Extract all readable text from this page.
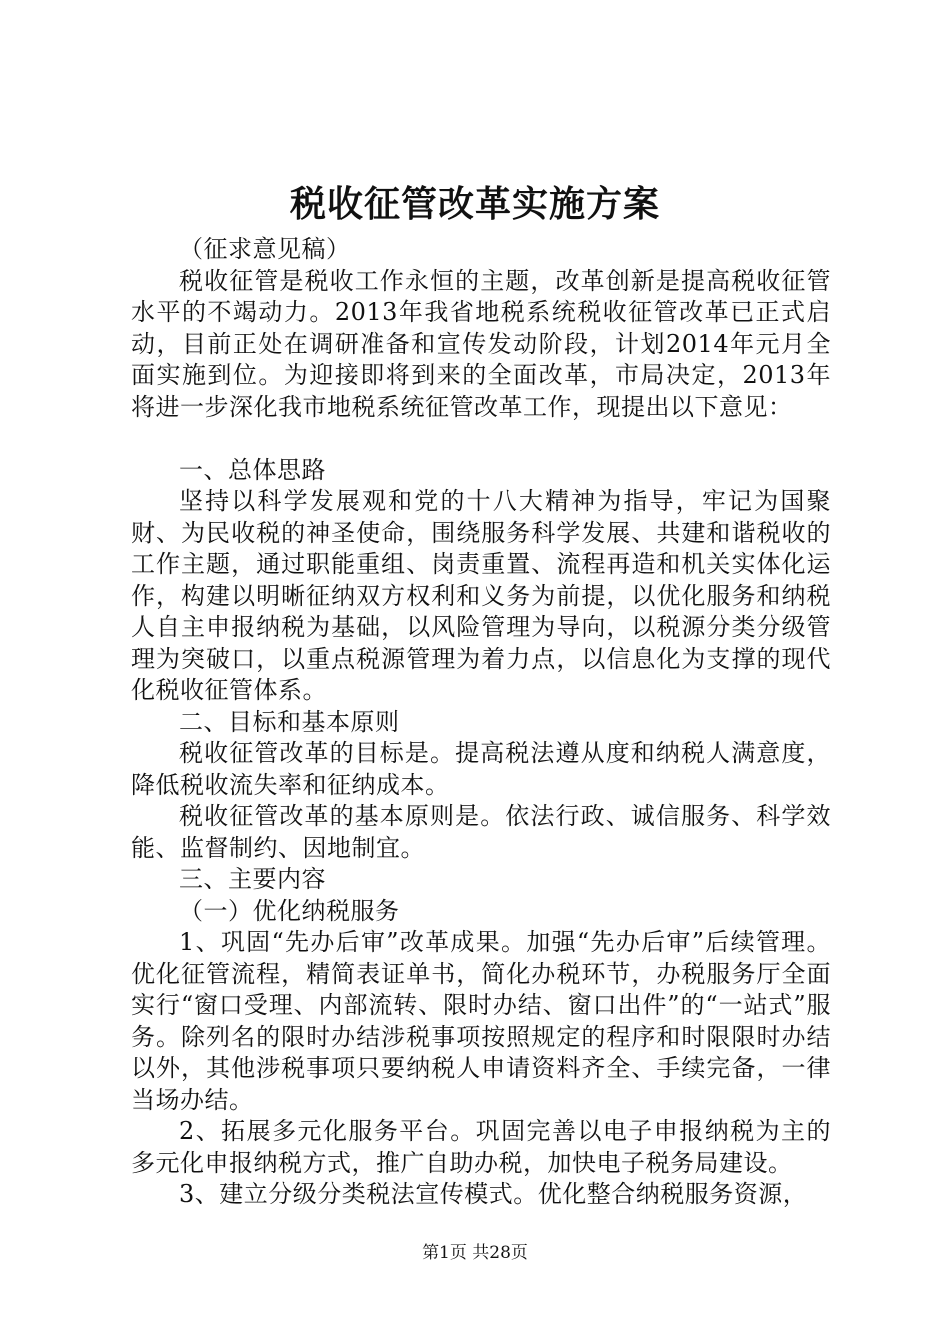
税收征管改革实施方案

（征求意见稿）

税收征管是税收工作永恒的主题，改革创新是提高税收征管水平的不竭动力。2013年我省地税系统税收征管改革已正式启动，目前正处在调研准备和宣传发动阶段，计划2014年元月全面实施到位。为迎接即将到来的全面改革，市局决定，2013年将进一步深化我市地税系统征管改革工作，现提出以下意见：

一、总体思路

坚持以科学发展观和党的十八大精神为指导，牢记为国聚财、为民收税的神圣使命，围绕服务科学发展、共建和谐税收的工作主题，通过职能重组、岗责重置、流程再造和机关实体化运作，构建以明晰征纳双方权利和义务为前提，以优化服务和纳税人自主申报纳税为基础，以风险管理为导向，以税源分类分级管理为突破口，以重点税源管理为着力点，以信息化为支撑的现代化税收征管体系。

二、目标和基本原则

税收征管改革的目标是。提高税法遵从度和纳税人满意度，降低税收流失率和征纳成本。

税收征管改革的基本原则是。依法行政、诚信服务、科学效能、监督制约、因地制宜。

三、主要内容

（一）优化纳税服务

1、巩固“先办后审”改革成果。加强“先办后审”后续管理。优化征管流程，精简表证单书，简化办税环节，办税服务厅全面实行“窗口受理、内部流转、限时办结、窗口出件”的“一站式”服务。除列名的限时办结涉税事项按照规定的程序和时限限时办结以外，其他涉税事项只要纳税人申请资料齐全、手续完备，一律当场办结。

2、拓展多元化服务平台。巩固完善以电子申报纳税为主的多元化申报纳税方式，推广自助办税，加快电子税务局建设。

3、建立分级分类税法宣传模式。优化整合纳税服务资源，

第1页 共28页
